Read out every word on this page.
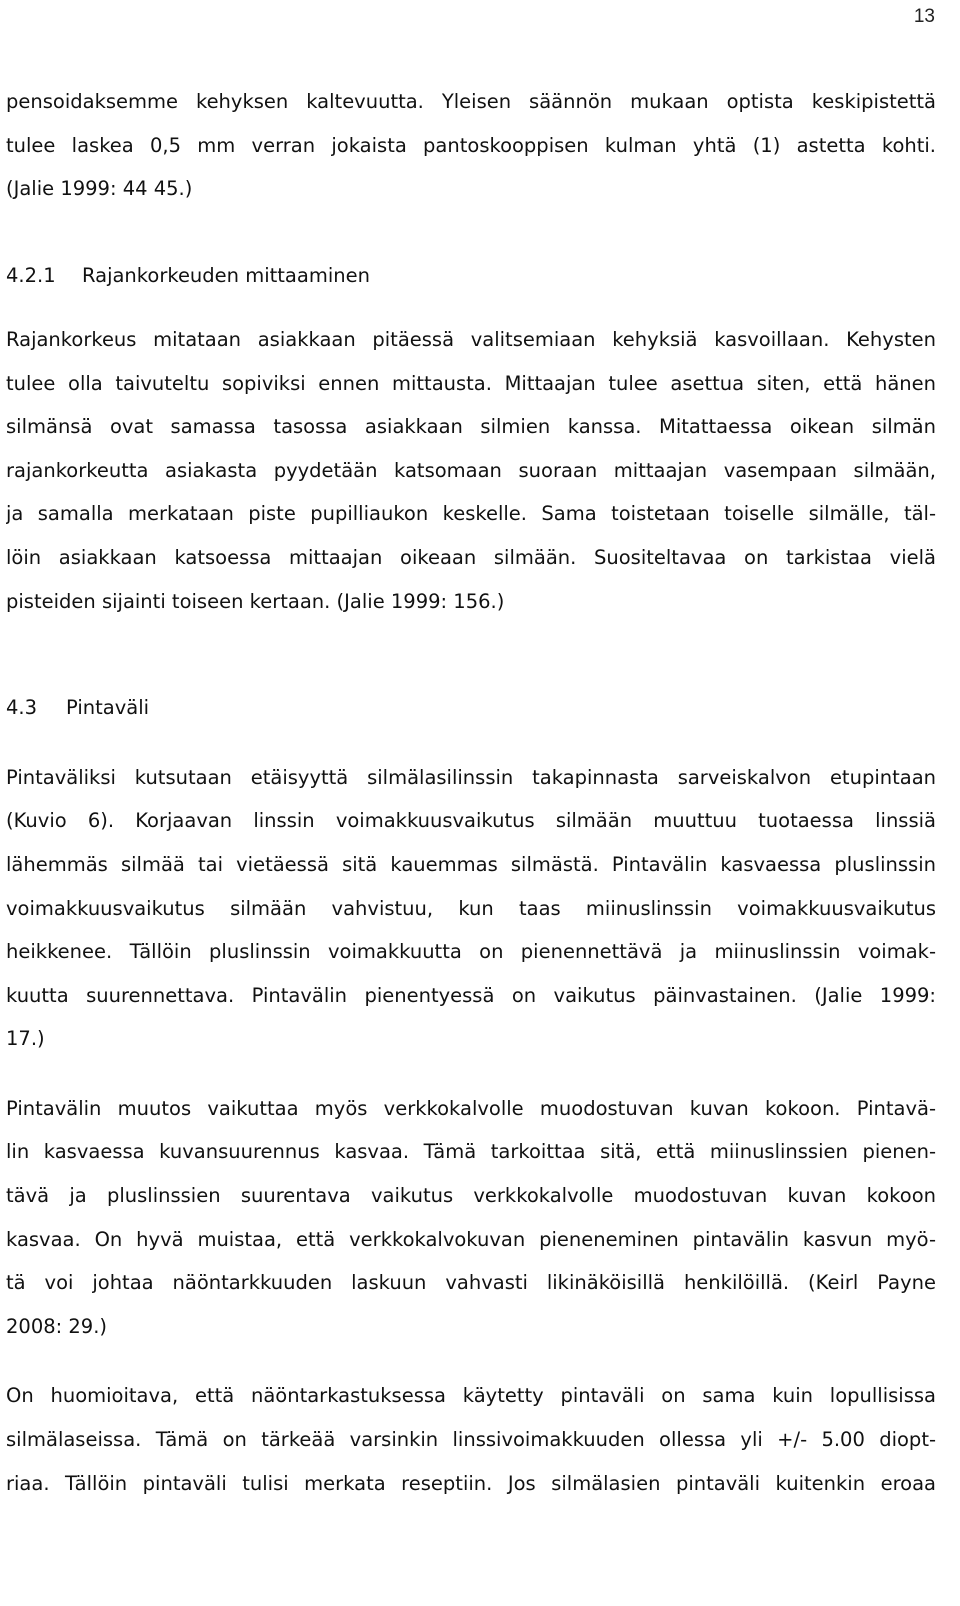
13
pensoidaksemme kehyksen kaltevuutta. Yleisen säännön mukaan optista keskipistettä
tulee laskea 0,5 mm verran jokaista pantoskooppisen kulman yhtä (1) astetta kohti.
(Jalie 1999: 44 45.)
4.2.1 Rajankorkeuden mittaaminen
Rajankorkeus mitataan asiakkaan pitäessä valitsemiaan kehyksiä kasvoillaan. Kehysten
tulee olla taivuteltu sopiviksi ennen mittausta. Mittaajan tulee asettua siten, että hänen
silmänsä ovat samassa tasossa asiakkaan silmien kanssa. Mitattaessa oikean silmän
rajankorkeutta asiakasta pyydetään katsomaan suoraan mittaajan vasempaan silmään,
ja samalla merkataan piste pupilliaukon keskelle. Sama toistetaan toiselle silmälle, täl-
löin asiakkaan katsoessa mittaajan oikeaan silmään. Suositeltavaa on tarkistaa vielä
pisteiden sijainti toiseen kertaan. (Jalie 1999: 156.)
4.3 Pintaväli
Pintaväliksi kutsutaan etäisyyttä silmälasilinssin takapinnasta sarveiskalvon etupintaan
(Kuvio 6). Korjaavan linssin voimakkuusvaikutus silmään muuttuu tuotaessa linssiä
lähemmäs silmää tai vietäessä sitä kauemmas silmästä. Pintavälin kasvaessa pluslinssin
voimakkuusvaikutus silmään vahvistuu, kun taas miinuslinssin voimakkuusvaikutus
heikkenee. Tällöin pluslinssin voimakkuutta on pienennettävä ja miinuslinssin voimak-
kuutta suurennettava. Pintavälin pienentyessä on vaikutus päinvastainen. (Jalie 1999:
17.)
Pintavälin muutos vaikuttaa myös verkkokalvolle muodostuvan kuvan kokoon. Pintavä-
lin kasvaessa kuvansuurennus kasvaa. Tämä tarkoittaa sitä, että miinuslinssien pienen-
tävä ja pluslinssien suurentava vaikutus verkkokalvolle muodostuvan kuvan kokoon
kasvaa. On hyvä muistaa, että verkkokalvokuvan pieneneminen pintavälin kasvun myö-
tä voi johtaa näöntarkkuuden laskuun vahvasti likinäköisillä henkilöillä. (Keirl Payne
2008: 29.)
On huomioitava, että näöntarkastuksessa käytetty pintaväli on sama kuin lopullisissa
silmälaseissa. Tämä on tärkeää varsinkin linssivoimakkuuden ollessa yli +/- 5.00 diopt-
riaa. Tällöin pintaväli tulisi merkata reseptiin. Jos silmälasien pintaväli kuitenkin eroaa
